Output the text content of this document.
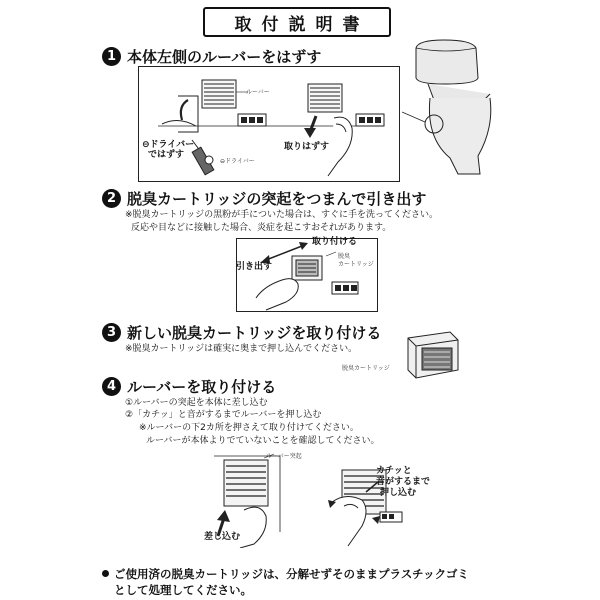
取付説明書
1 本体左側のルーバーをはずす
ルーバー
⊖ドライバー
ではずす
⊖ドライバー
取りはずす
2 脱臭カートリッジの突起をつまんで引き出す
※脱臭カートリッジの黒粉が手についた場合は、すぐに手を洗ってください。
反応や目などに接触した場合、炎症を起こすおそれがあります。
取り付ける
引き出す
脱臭
カートリッジ
3 新しい脱臭カートリッジを取り付ける
※脱臭カートリッジは確実に奥まで押し込んでください。
脱臭カートリッジ
4 ルーバーを取り付ける
①ルーバーの突起を本体に差し込む
②「カチッ」と音がするまでルーバーを押し込む
※ルーバーの下2カ所を押さえて取り付けてください。
ルーバーが本体よりでていないことを確認してください。
ルーバー突起
差し込む
カチッと
音がするまで
押し込む
ご使用済の脱臭カートリッジは、分解せずそのままプラスチックゴミ
として処理してください。
